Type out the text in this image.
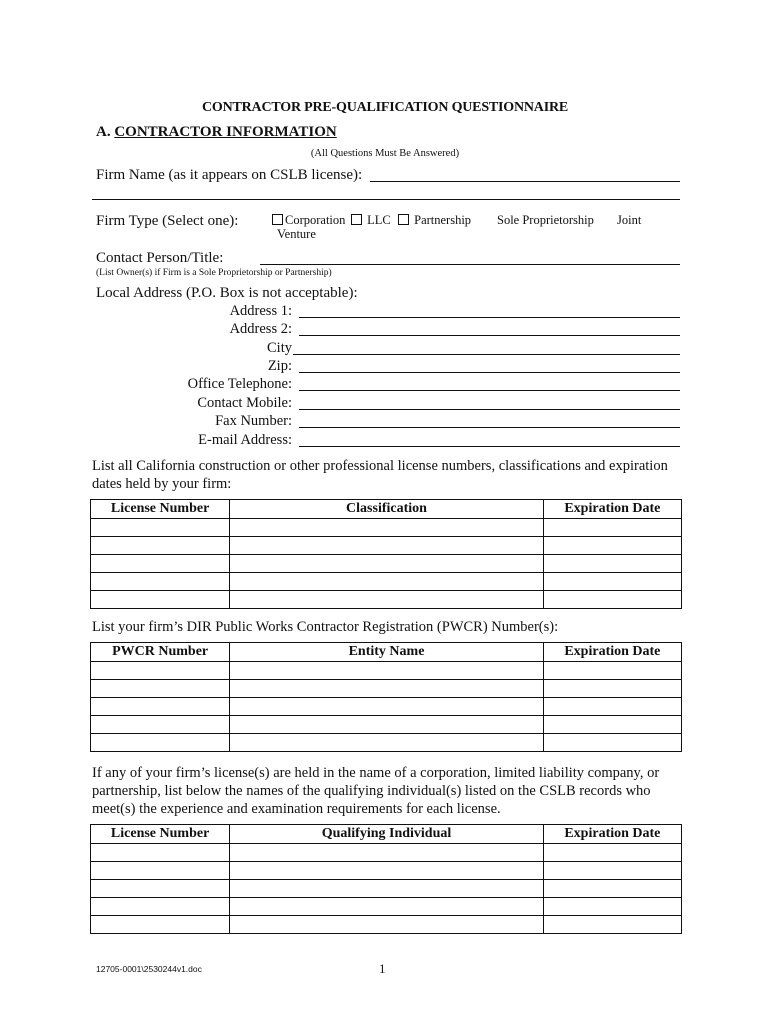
CONTRACTOR PRE-QUALIFICATION QUESTIONNAIRE
A. CONTRACTOR INFORMATION
(All Questions Must Be Answered)
Firm Name (as it appears on CSLB license):
Firm Type (Select one):	Corporation	LLC	Partnership Sole Proprietorship Joint
Venture
Contact Person/Title:
(List Owner(s) if Firm is a Sole Proprietorship or Partnership)
Local Address (P.O. Box is not acceptable):
Address 1:
Address 2:
City
Zip:
Office Telephone:
Contact Mobile:
Fax Number:
E-mail Address:
List all California construction or other professional license numbers, classifications and expiration dates held by your firm:
License Number	Classification	Expiration Date

List your firm’s DIR Public Works Contractor Registration (PWCR) Number(s):
PWCR Number	Entity Name	Expiration Date

If any of your firm’s license(s) are held in the name of a corporation, limited liability company, or partnership, list below the names of the qualifying individual(s) listed on the CSLB records who meet(s) the experience and examination requirements for each license.
License Number	Qualifying Individual	Expiration Date

12705-0001\2530244v1.doc	1
